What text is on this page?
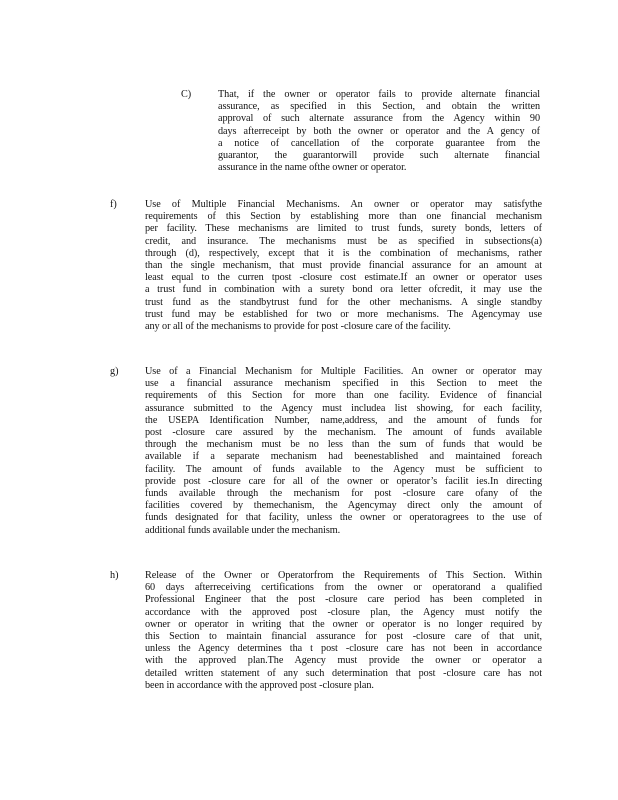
C)	That, if the owner or operator fails to provide alternate financial
assurance, as specified in this Section, and obtain the written
approval of such alternate assurance from the Agency within 90
days afterreceipt by both the owner or operator and the A gency of
a notice of cancellation of the corporate guarantee from the
guarantor, the guarantorwill provide such alternate financial
assurance in the name ofthe owner or operator.
f)	Use of Multiple Financial Mechanisms. An owner or operator may satisfythe
requirements of this Section by establishing more than one financial mechanism
per facility. These mechanisms are limited to trust funds, surety bonds, letters of
credit, and insurance. The mechanisms must be as specified in subsections(a)
through (d), respectively, except that it is the combination of mechanisms, rather
than the single mechanism, that must provide financial assurance for an amount at
least equal to the curren tpost -closure cost estimate.If an owner or operator uses
a trust fund in combination with a surety bond ora letter ofcredit, it may use the
trust fund as the standbytrust fund for the other mechanisms. A single standby
trust fund may be established for two or more mechanisms. The Agencymay use
any or all of the mechanisms to provide for post -closure care of the facility.
g)	Use of a Financial Mechanism for Multiple Facilities. An owner or operator may
use a financial assurance mechanism specified in this Section to meet the
requirements of this Section for more than one facility. Evidence of financial
assurance submitted to the Agency must includea list showing, for each facility,
the USEPA Identification Number, name,address, and the amount of funds for
post -closure care assured by the mechanism. The amount of funds available
through the mechanism must be no less than the sum of funds that would be
available if a separate mechanism had beenestablished and maintained foreach
facility. The amount of funds available to the Agency must be sufficient to
provide post -closure care for all of the owner or operator’s facilit ies.In directing
funds available through the mechanism for post -closure care ofany of the
facilities covered by themechanism, the Agencymay direct only the amount of
funds designated for that facility, unless the owner or operatoragrees to the use of
additional funds available under the mechanism.
h)	Release of the Owner or Operatorfrom the Requirements of This Section. Within
60 days afterreceiving certifications from the owner or operatorand a qualified
Professional Engineer that the post -closure care period has been completed in
accordance with the approved post -closure plan, the Agency must notify the
owner or operator in writing that the owner or operator is no longer required by
this Section to maintain financial assurance for post -closure care of that unit,
unless the Agency determines tha t post -closure care has not been in accordance
with the approved plan.The Agency must provide the owner or operator a
detailed written statement of any such determination that post -closure care has not
been in accordance with the approved post -closure plan.
